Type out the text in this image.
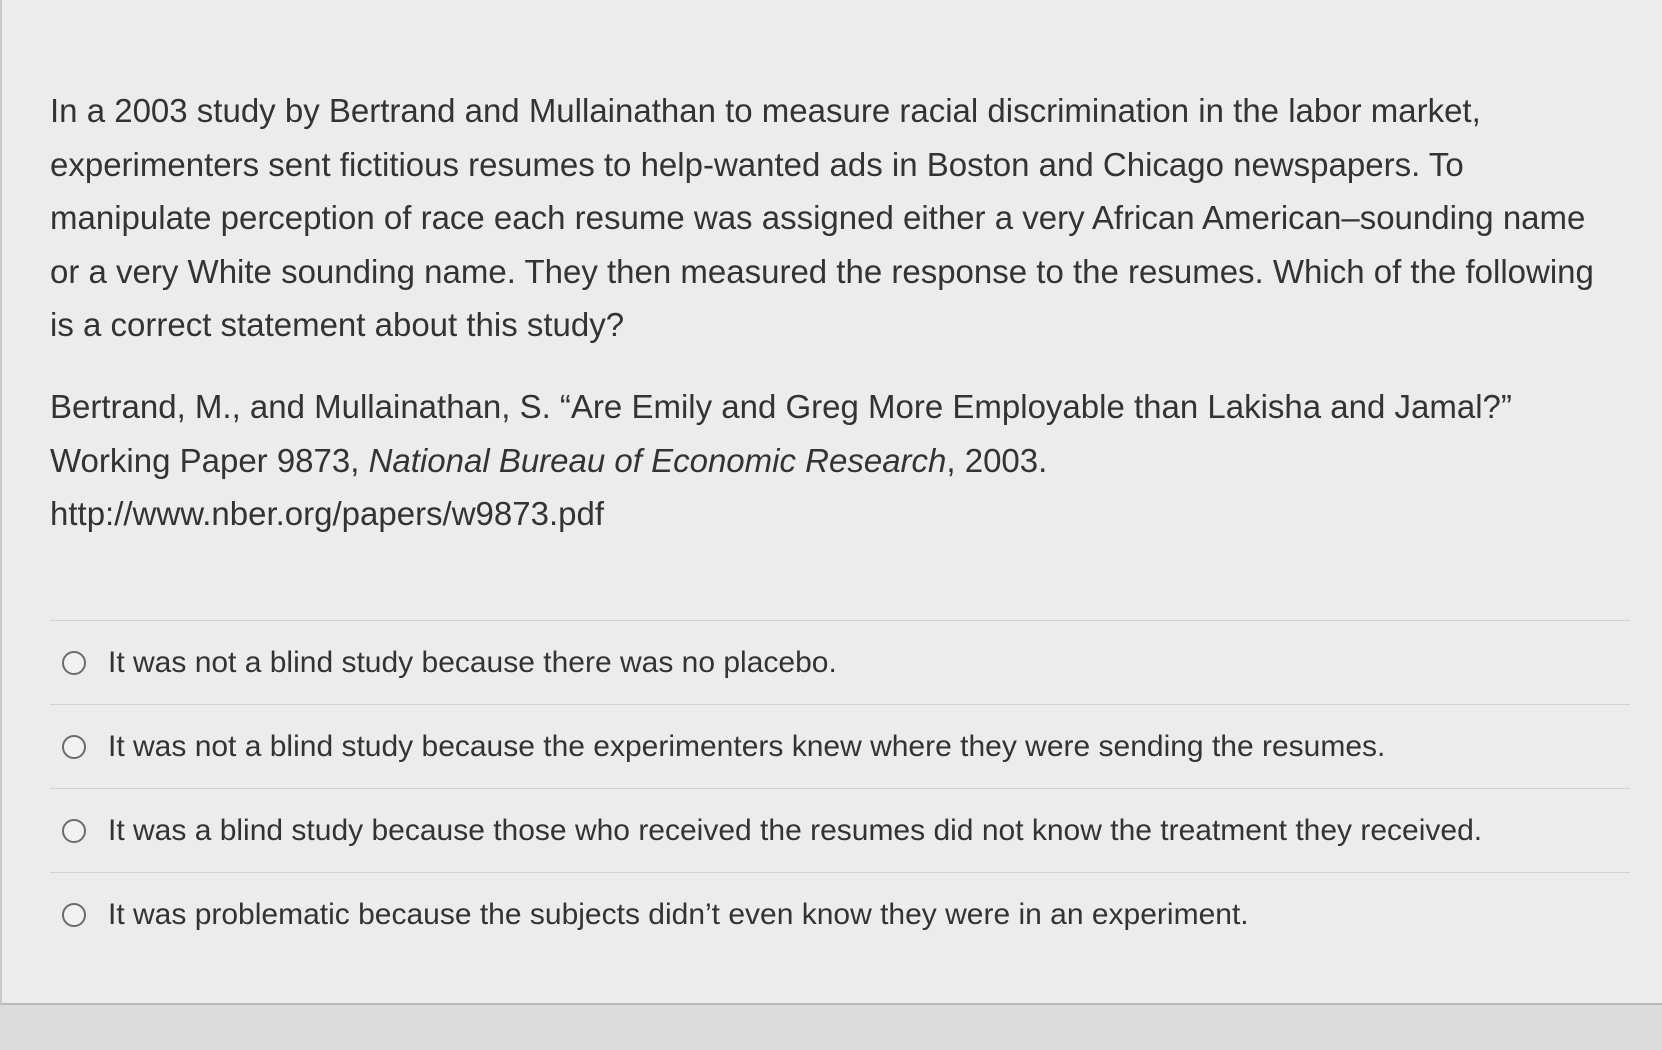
In a 2003 study by Bertrand and Mullainathan to measure racial discrimination in the labor market, experimenters sent fictitious resumes to help-wanted ads in Boston and Chicago newspapers. To manipulate perception of race each resume was assigned either a very African American–sounding name or a very White sounding name. They then measured the response to the resumes. Which of the following is a correct statement about this study?

Bertrand, M., and Mullainathan, S. “Are Emily and Greg More Employable than Lakisha and Jamal?”

Working Paper 9873, National Bureau of Economic Research, 2003.

http://www.nber.org/papers/w9873.pdf

It was not a blind study because there was no placebo.
It was not a blind study because the experimenters knew where they were sending the resumes.
It was a blind study because those who received the resumes did not know the treatment they received.
It was problematic because the subjects didn’t even know they were in an experiment.
